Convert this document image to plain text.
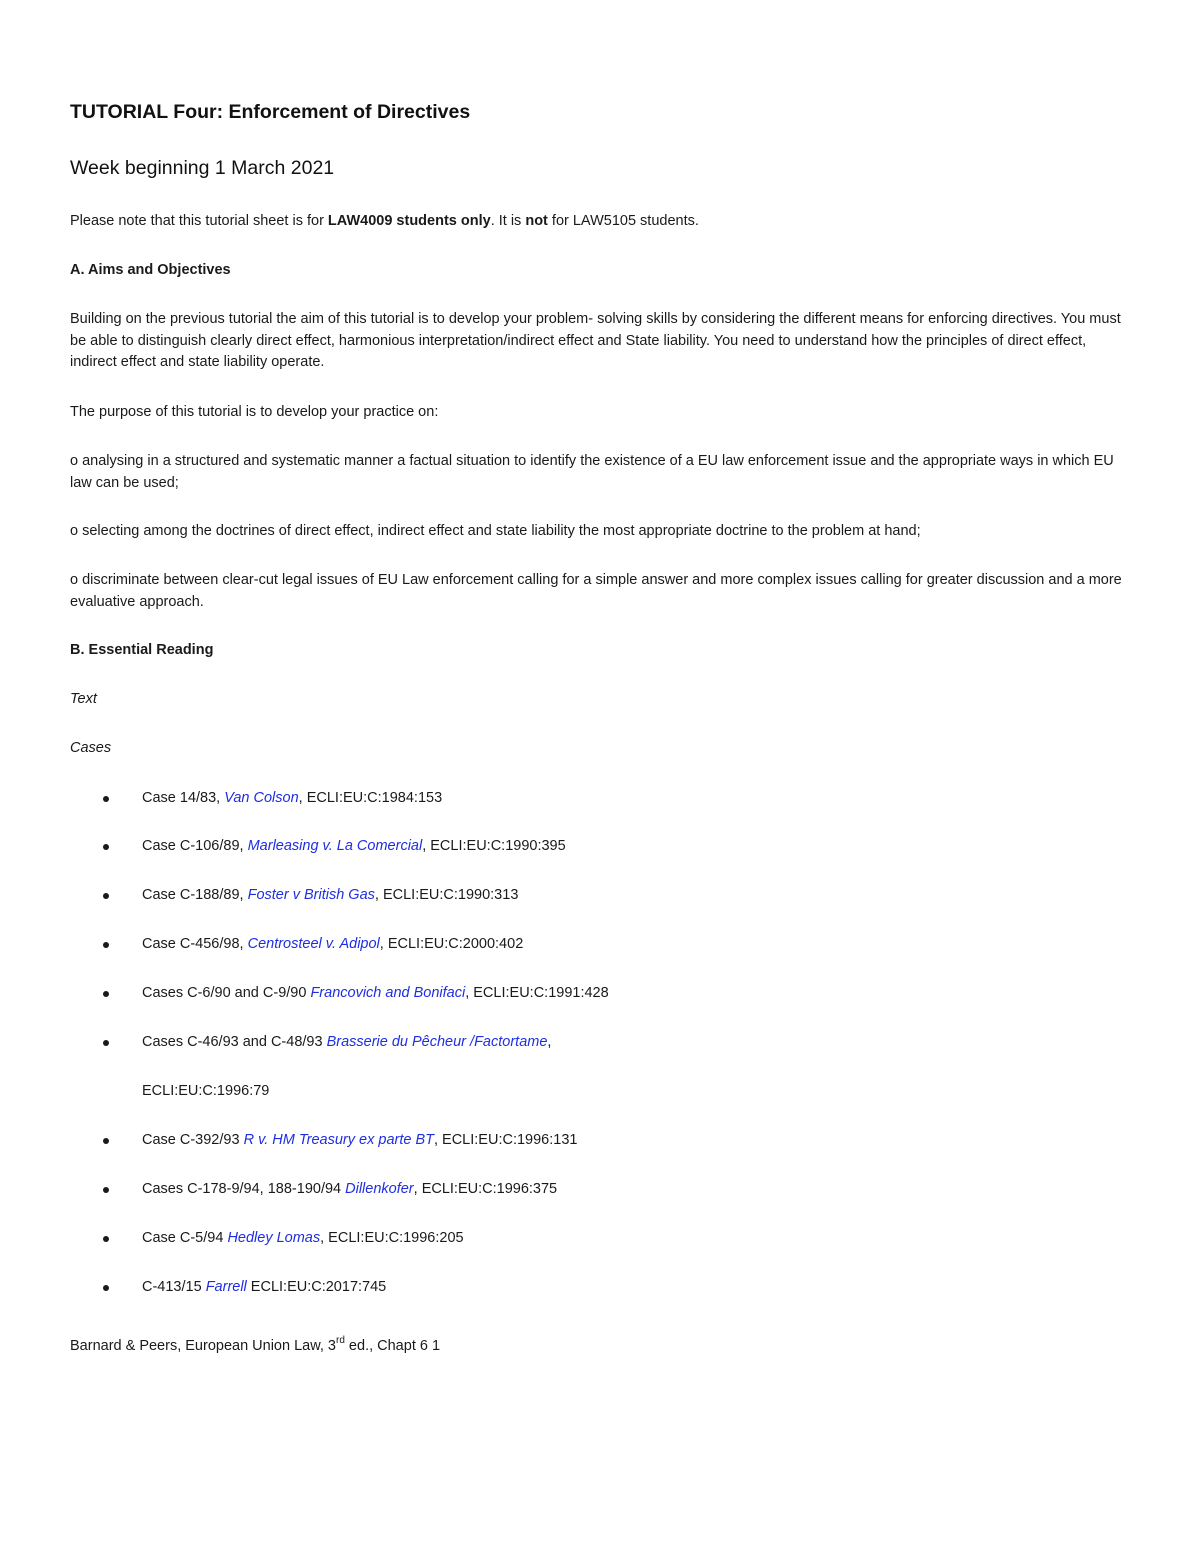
TUTORIAL Four: Enforcement of Directives
Week beginning 1 March 2021
Please note that this tutorial sheet is for LAW4009 students only. It is not for LAW5105 students.
A. Aims and Objectives

Building on the previous tutorial the aim of this tutorial is to develop your problem- solving skills by considering the different means for enforcing directives. You must be able to distinguish clearly direct effect, harmonious interpretation/indirect effect and State liability. You need to understand how the principles of direct effect, indirect effect and state liability operate.

The purpose of this tutorial is to develop your practice on:

o analysing in a structured and systematic manner a factual situation to identify the existence of a EU law enforcement issue and the appropriate ways in which EU law can be used;

o selecting among the doctrines of direct effect, indirect effect and state liability the most appropriate doctrine to the problem at hand;

o discriminate between clear-cut legal issues of EU Law enforcement calling for a simple answer and more complex issues calling for greater discussion and a more evaluative approach.

B. Essential Reading
Text
Cases
Case 14/83, Van Colson, ECLI:EU:C:1984:153
Case C-106/89, Marleasing v. La Comercial, ECLI:EU:C:1990:395
Case C-188/89, Foster v British Gas, ECLI:EU:C:1990:313
Case C-456/98, Centrosteel v. Adipol, ECLI:EU:C:2000:402
Cases C-6/90 and C-9/90 Francovich and Bonifaci, ECLI:EU:C:1991:428
Cases C-46/93 and C-48/93 Brasserie du Pêcheur /Factortame,
ECLI:EU:C:1996:79
Case C-392/93 R v. HM Treasury ex parte BT, ECLI:EU:C:1996:131
Cases C-178-9/94, 188-190/94 Dillenkofer, ECLI:EU:C:1996:375
Case C-5/94 Hedley Lomas, ECLI:EU:C:1996:205
C-413/15 Farrell ECLI:EU:C:2017:745
Barnard & Peers, European Union Law, 3rd ed., Chapt 6 1
